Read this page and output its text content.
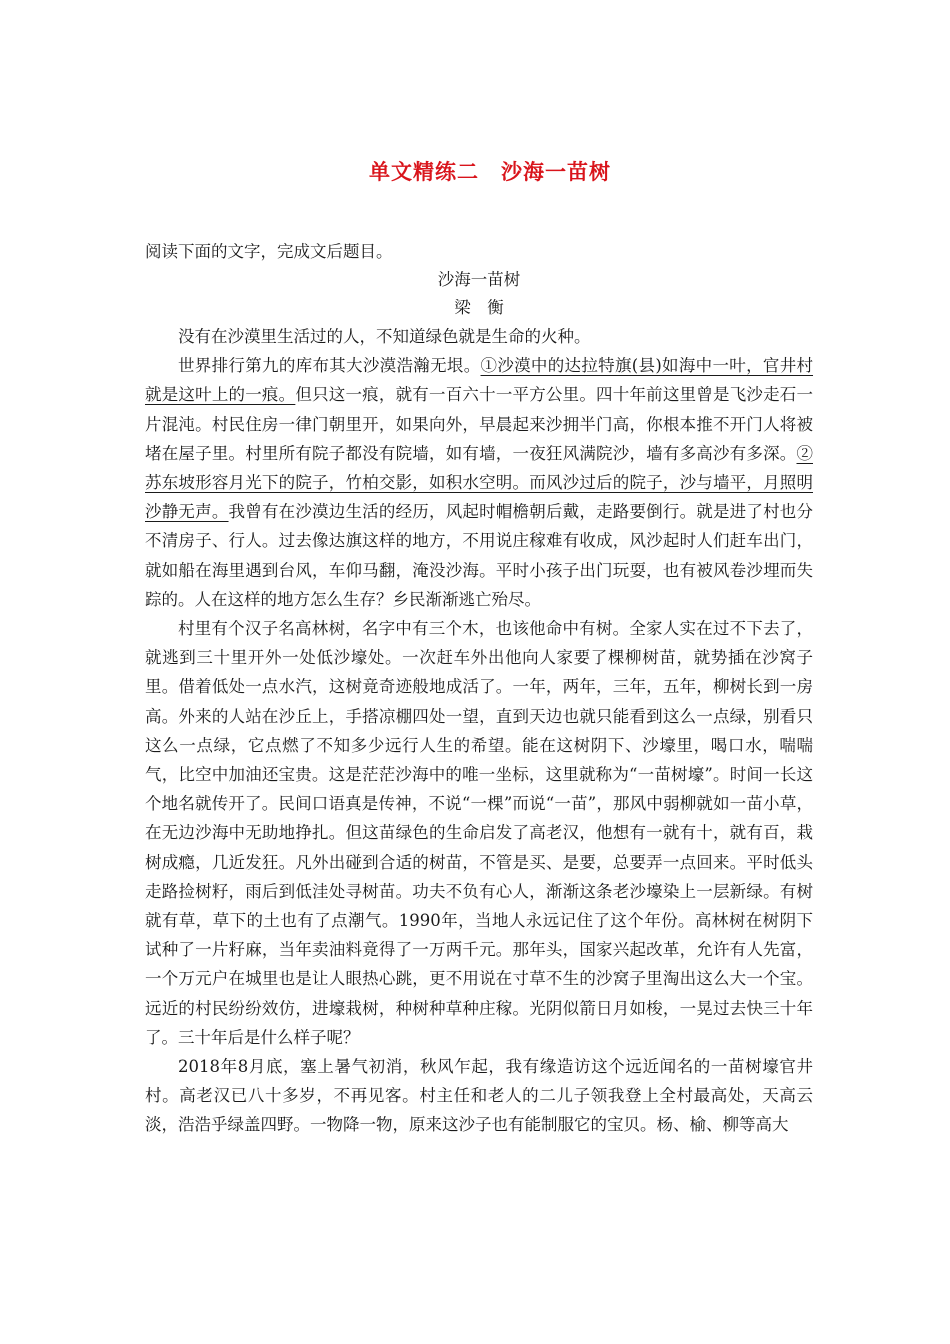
单文精练二　沙海一苗树

阅读下面的文字，完成文后题目。

沙海一苗树

梁　衡

没有在沙漠里生活过的人，不知道绿色就是生命的火种。

世界排行第九的库布其大沙漠浩瀚无垠。①沙漠中的达拉特旗(县)如海中一叶，官井村就是这叶上的一痕。但只这一痕，就有一百六十一平方公里。四十年前这里曾是飞沙走石一片混沌。村民住房一律门朝里开，如果向外，早晨起来沙拥半门高，你根本推不开门人将被堵在屋子里。村里所有院子都没有院墙，如有墙，一夜狂风满院沙，墙有多高沙有多深。②苏东坡形容月光下的院子，竹柏交影，如积水空明。而风沙过后的院子，沙与墙平，月照明沙静无声。我曾有在沙漠边生活的经历，风起时帽檐朝后戴，走路要倒行。就是进了村也分不清房子、行人。过去像达旗这样的地方，不用说庄稼难有收成，风沙起时人们赶车出门，就如船在海里遇到台风，车仰马翻，淹没沙海。平时小孩子出门玩耍，也有被风卷沙埋而失踪的。人在这样的地方怎么生存？乡民渐渐逃亡殆尽。

村里有个汉子名高林树，名字中有三个木，也该他命中有树。全家人实在过不下去了，就逃到三十里开外一处低沙壕处。一次赶车外出他向人家要了棵柳树苗，就势插在沙窝子里。借着低处一点水汽，这树竟奇迹般地成活了。一年，两年，三年，五年，柳树长到一房高。外来的人站在沙丘上，手搭凉棚四处一望，直到天边也就只能看到这么一点绿，别看只这么一点绿，它点燃了不知多少远行人生的希望。能在这树阴下、沙壕里，喝口水，喘喘气，比空中加油还宝贵。这是茫茫沙海中的唯一坐标，这里就称为“一苗树壕”。时间一长这个地名就传开了。民间口语真是传神，不说“一棵”而说“一苗”，那风中弱柳就如一苗小草，在无边沙海中无助地挣扎。但这苗绿色的生命启发了高老汉，他想有一就有十，就有百，栽树成瘾，几近发狂。凡外出碰到合适的树苗，不管是买、是要，总要弄一点回来。平时低头走路捡树籽，雨后到低洼处寻树苗。功夫不负有心人，渐渐这条老沙壕染上一层新绿。有树就有草，草下的土也有了点潮气。1990年，当地人永远记住了这个年份。高林树在树阴下试种了一片籽麻，当年卖油料竟得了一万两千元。那年头，国家兴起改革，允许有人先富，一个万元户在城里也是让人眼热心跳，更不用说在寸草不生的沙窝子里淘出这么大一个宝。远近的村民纷纷效仿，进壕栽树，种树种草种庄稼。光阴似箭日月如梭，一晃过去快三十年了。三十年后是什么样子呢？

2018年8月底，塞上暑气初消，秋风乍起，我有缘造访这个远近闻名的一苗树壕官井村。高老汉已八十多岁，不再见客。村主任和老人的二儿子领我登上全村最高处，天高云淡，浩浩乎绿盖四野。一物降一物，原来这沙子也有能制服它的宝贝。杨、榆、柳等高大
